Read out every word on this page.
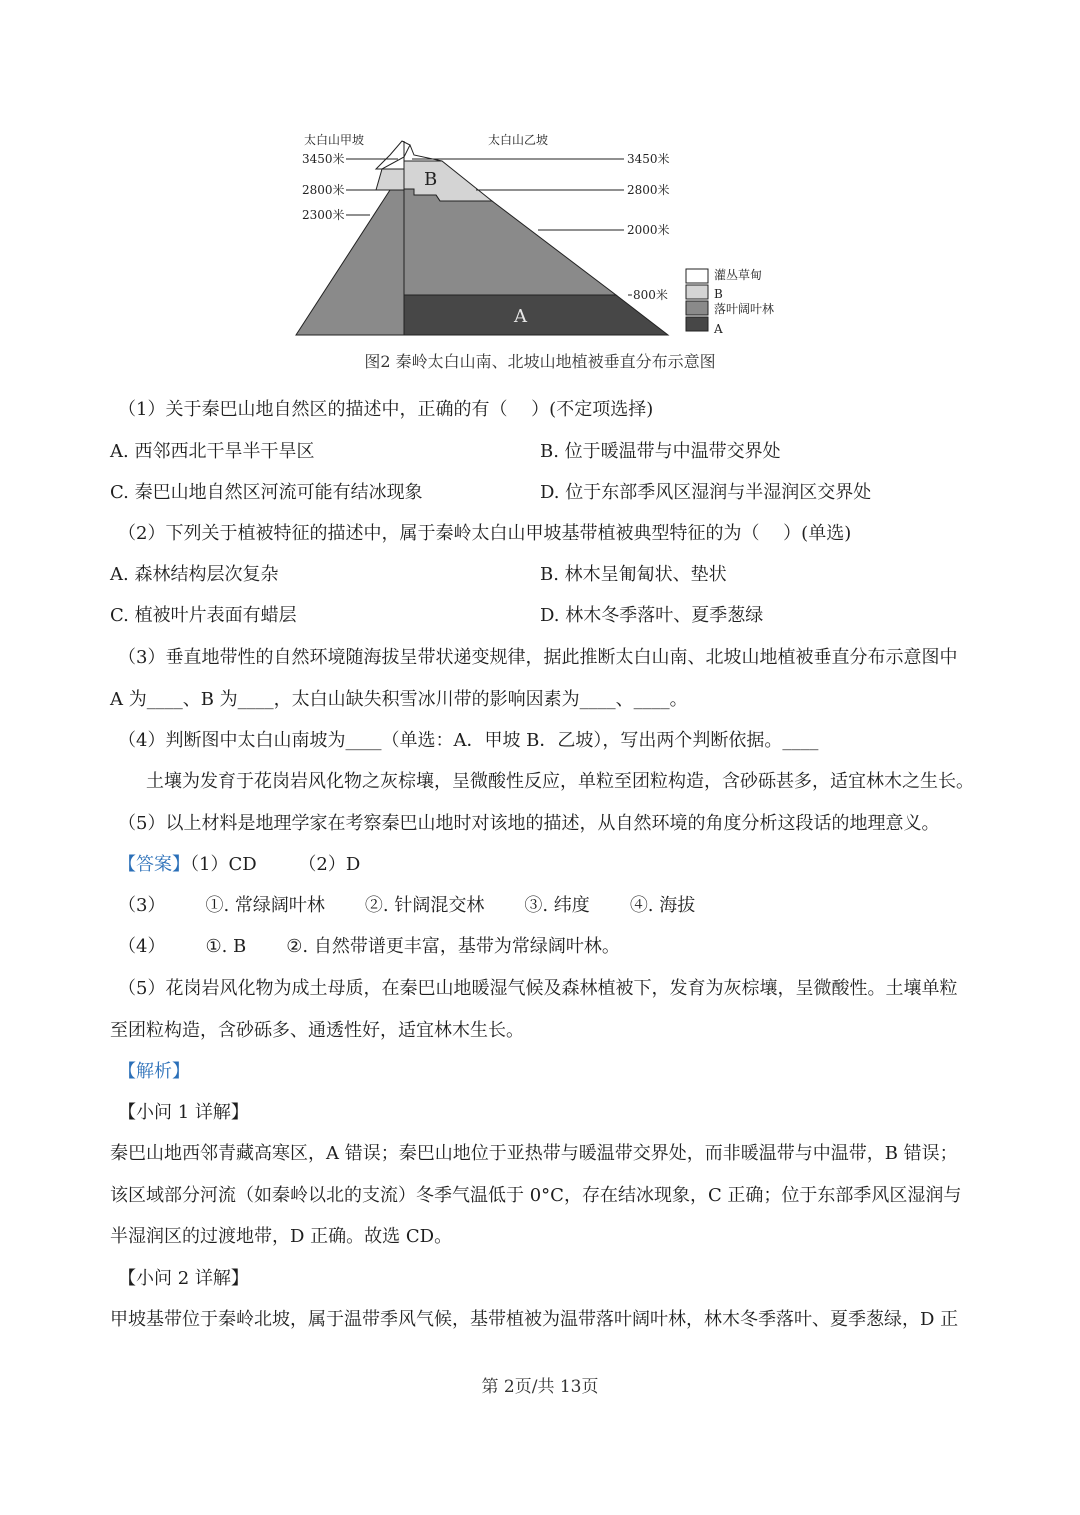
太白山甲坡	太白山乙坡
3450米
2800米
2300米
3450米
2800米
2000米
800米
B
A
灌丛草甸
B
落叶阔叶林
A
图2 秦岭太白山南、北坡山地植被垂直分布示意图
（1）关于秦巴山地自然区的描述中，正确的有（　 ）(不定项选择)
A. 西邻西北干旱半干旱区	B. 位于暖温带与中温带交界处
C. 秦巴山地自然区河流可能有结冰现象	D. 位于东部季风区湿润与半湿润区交界处
（2）下列关于植被特征的描述中，属于秦岭太白山甲坡基带植被典型特征的为（　 ）(单选)
A. 森林结构层次复杂	B. 林木呈匍匐状、垫状
C. 植被叶片表面有蜡层	D. 林木冬季落叶、夏季葱绿
（3）垂直地带性的自然环境随海拔呈带状递变规律，据此推断太白山南、北坡山地植被垂直分布示意图中
A 为____、B 为____，太白山缺失积雪冰川带的影响因素为____、____。
（4）判断图中太白山南坡为____（单选：A．甲坡 B．乙坡），写出两个判断依据。____
土壤为发育于花岗岩风化物之灰棕壤，呈微酸性反应，单粒至团粒构造，含砂砾甚多，适宜林木之生长。
（5）以上材料是地理学家在考察秦巴山地时对该地的描述，从自然环境的角度分析这段话的地理意义。
【答案】（1）CD　　 （2）D
（3） ①. 常绿阔叶林 ②. 针阔混交林 ③. 纬度 ④. 海拔
（4） ①. B ②. 自然带谱更丰富，基带为常绿阔叶林。
（5）花岗岩风化物为成土母质，在秦巴山地暖湿气候及森林植被下，发育为灰棕壤，呈微酸性。土壤单粒
至团粒构造，含砂砾多、通透性好，适宜林木生长。
【解析】
【小问 1 详解】
秦巴山地西邻青藏高寒区，A 错误；秦巴山地位于亚热带与暖温带交界处，而非暖温带与中温带，B 错误；
该区域部分河流（如秦岭以北的支流）冬季气温低于 0°C，存在结冰现象，C 正确；位于东部季风区湿润与
半湿润区的过渡地带，D 正确。故选 CD。
【小问 2 详解】
甲坡基带位于秦岭北坡，属于温带季风气候，基带植被为温带落叶阔叶林，林木冬季落叶、夏季葱绿，D 正
第 2页/共 13页
